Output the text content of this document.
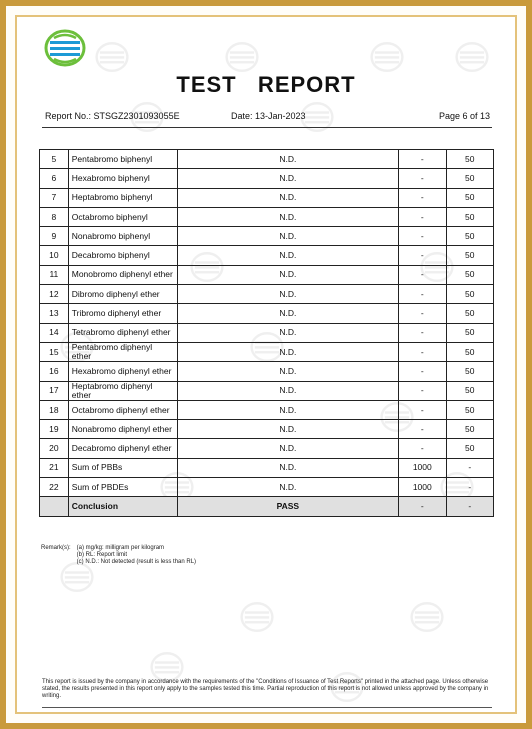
TEST   REPORT
Report No.: STSGZ2301093055E	Date: 13-Jan-2023	Page 6 of 13
5	Pentabromo biphenyl	N.D.	-	50
6	Hexabromo biphenyl	N.D.	-	50
7	Heptabromo biphenyl	N.D.	-	50
8	Octabromo biphenyl	N.D.	-	50
9	Nonabromo biphenyl	N.D.	-	50
10	Decabromo biphenyl	N.D.	-	50
11	Monobromo diphenyl ether	N.D.	-	50
12	Dibromo diphenyl ether	N.D.	-	50
13	Tribromo diphenyl ether	N.D.	-	50
14	Tetrabromo diphenyl ether	N.D.	-	50
15	Pentabromo diphenyl ether	N.D.	-	50
16	Hexabromo diphenyl ether	N.D.	-	50
17	Heptabromo diphenyl ether	N.D.	-	50
18	Octabromo diphenyl ether	N.D.	-	50
19	Nonabromo diphenyl ether	N.D.	-	50
20	Decabromo diphenyl ether	N.D.	-	50
21	Sum of PBBs	N.D.	1000	-
22	Sum of PBDEs	N.D.	1000	-
	Conclusion	PASS	-	-
Remark(s): (a) mg/kg: milligram per kilogram
(b) RL: Report limit
(c) N.D.: Not detected (result is less than RL)
This report is issued by the company in accordance with the requirements of the "Conditions of Issuance of Test Reports" printed in the attached page. Unless otherwise stated, the results presented in this report only apply to the samples tested this time. Partial reproduction of this report is not allowed unless approved by the company in writing.
